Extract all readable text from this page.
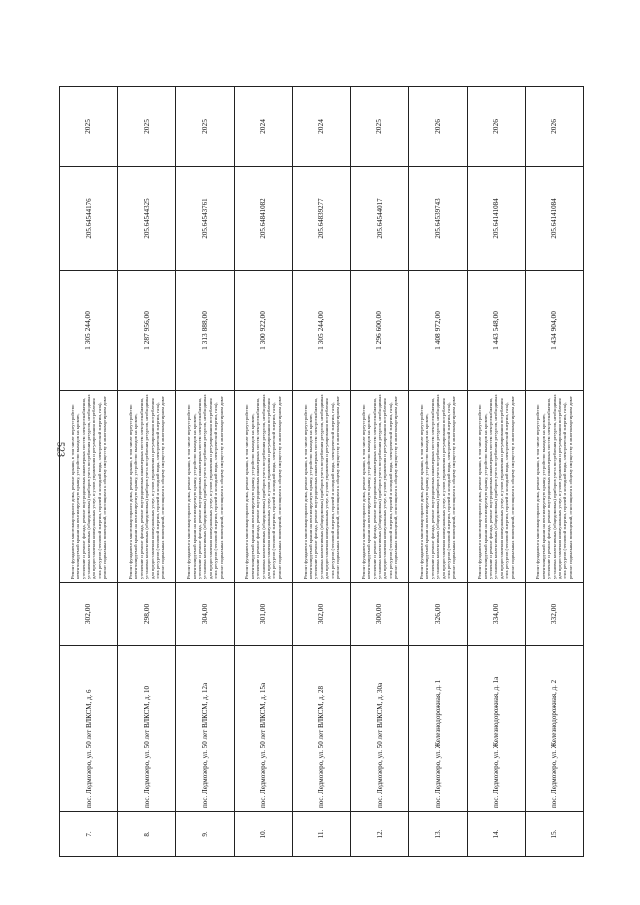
523
7.	пос. Ледмозеро, ул. 50 лет ВЛКСМ, д. 6	302,00	Ремонт фундамента многоквартирного дома, ремонт крыши, в том числе переустройство невентилируемой крыши на вентилируемую крышу, устройство выходов на кровлю, утепление и ремонт фасада, ремонт внутридомовых инженерных систем электроснабжения, установка коллективных (общедомовых) приборов учета потребления ресурсов, необходимых для предоставления коммунальных услуг, и узлов управления и регулирования потребления этих ресурсов (тепловой энергии, горячей и холодной воды, электрической энергии, газа), ремонт подвальных помещений, относящихся к общему имуществу в многоквартирном доме	1 305 244,00	205.64544176	2025
8.	пос. Ледмозеро, ул. 50 лет ВЛКСМ, д. 10	298,00	Ремонт фундамента многоквартирного дома, ремонт крыши, в том числе переустройство невентилируемой крыши на вентилируемую крышу, устройство выходов на кровлю, утепление и ремонт фасада, ремонт внутридомовых инженерных систем электроснабжения, установка коллективных (общедомовых) приборов учета потребления ресурсов, необходимых для предоставления коммунальных услуг, и узлов управления и регулирования потребления этих ресурсов (тепловой энергии, горячей и холодной воды, электрической энергии, газа), ремонт подвальных помещений, относящихся к общему имуществу в многоквартирном доме	1 287 956,00	205.64544325	2025
9.	пос. Ледмозеро, ул. 50 лет ВЛКСМ, д. 12а	304,00	Ремонт фундамента многоквартирного дома, ремонт крыши, в том числе переустройство невентилируемой крыши на вентилируемую крышу, устройство выходов на кровлю, утепление и ремонт фасада, ремонт внутридомовых инженерных систем электроснабжения, установка коллективных (общедомовых) приборов учета потребления ресурсов, необходимых для предоставления коммунальных услуг, и узлов управления и регулирования потребления этих ресурсов (тепловой энергии, горячей и холодной воды, электрической энергии, газа), ремонт подвальных помещений, относящихся к общему имуществу в многоквартирном доме	1 313 888,00	205.64543761	2025
10.	пос. Ледмозеро, ул. 50 лет ВЛКСМ, д. 15а	301,00	Ремонт фундамента многоквартирного дома, ремонт крыши, в том числе переустройство невентилируемой крыши на вентилируемую крышу, устройство выходов на кровлю, утепление и ремонт фасада, ремонт внутридомовых инженерных систем электроснабжения, установка коллективных (общедомовых) приборов учета потребления ресурсов, необходимых для предоставления коммунальных услуг, и узлов управления и регулирования потребления этих ресурсов (тепловой энергии, горячей и холодной воды, электрической энергии, газа), ремонт подвальных помещений, относящихся к общему имуществу в многоквартирном доме	1 300 922,00	205.64841082	2024
11.	пос. Ледмозеро, ул. 50 лет ВЛКСМ, д. 28	302,00	Ремонт фундамента многоквартирного дома, ремонт крыши, в том числе переустройство невентилируемой крыши на вентилируемую крышу, устройство выходов на кровлю, утепление и ремонт фасада, ремонт внутридомовых инженерных систем электроснабжения, установка коллективных (общедомовых) приборов учета потребления ресурсов, необходимых для предоставления коммунальных услуг, и узлов управления и регулирования потребления этих ресурсов (тепловой энергии, горячей и холодной воды, электрической энергии, газа), ремонт подвальных помещений, относящихся к общему имуществу в многоквартирном доме	1 305 244,00	205.64839277	2024
12.	пос. Ледмозеро, ул. 50 лет ВЛКСМ, д. 30а	300,00	Ремонт фундамента многоквартирного дома, ремонт крыши, в том числе переустройство невентилируемой крыши на вентилируемую крышу, устройство выходов на кровлю, утепление и ремонт фасада, ремонт внутридомовых инженерных систем электроснабжения, установка коллективных (общедомовых) приборов учета потребления ресурсов, необходимых для предоставления коммунальных услуг, и узлов управления и регулирования потребления этих ресурсов (тепловой энергии, горячей и холодной воды, электрической энергии, газа), ремонт подвальных помещений, относящихся к общему имуществу в многоквартирном доме	1 296 600,00	205.64544017	2025
13.	пос. Ледмозеро, ул. Железнодорожная, д. 1	326,00	Ремонт фундамента многоквартирного дома, ремонт крыши, в том числе переустройство невентилируемой крыши на вентилируемую крышу, устройство выходов на кровлю, утепление и ремонт фасада, ремонт внутридомовых инженерных систем электроснабжения, установка коллективных (общедомовых) приборов учета потребления ресурсов, необходимых для предоставления коммунальных услуг, и узлов управления и регулирования потребления этих ресурсов (тепловой энергии, горячей и холодной воды, электрической энергии, газа), ремонт подвальных помещений, относящихся к общему имуществу в многоквартирном доме	1 408 972,00	205.64539743	2026
14.	пос. Ледмозеро, ул. Железнодорожная, д. 1а	334,00	Ремонт фундамента многоквартирного дома, ремонт крыши, в том числе переустройство невентилируемой крыши на вентилируемую крышу, устройство выходов на кровлю, утепление и ремонт фасада, ремонт внутридомовых инженерных систем электроснабжения, установка коллективных (общедомовых) приборов учета потребления ресурсов, необходимых для предоставления коммунальных услуг, и узлов управления и регулирования потребления этих ресурсов (тепловой энергии, горячей и холодной воды, электрической энергии, газа), ремонт подвальных помещений, относящихся к общему имуществу в многоквартирном доме	1 443 548,00	205.64141084	2026
15.	пос. Ледмозеро, ул. Железнодорожная, д. 2	332,00	Ремонт фундамента многоквартирного дома, ремонт крыши, в том числе переустройство невентилируемой крыши на вентилируемую крышу, устройство выходов на кровлю, утепление и ремонт фасада, ремонт внутридомовых инженерных систем электроснабжения, установка коллективных (общедомовых) приборов учета потребления ресурсов, необходимых для предоставления коммунальных услуг, и узлов управления и регулирования потребления этих ресурсов (тепловой энергии, горячей и холодной воды, электрической энергии, газа), ремонт подвальных помещений, относящихся к общему имуществу в многоквартирном доме	1 434 904,00	205.64141084	2026
